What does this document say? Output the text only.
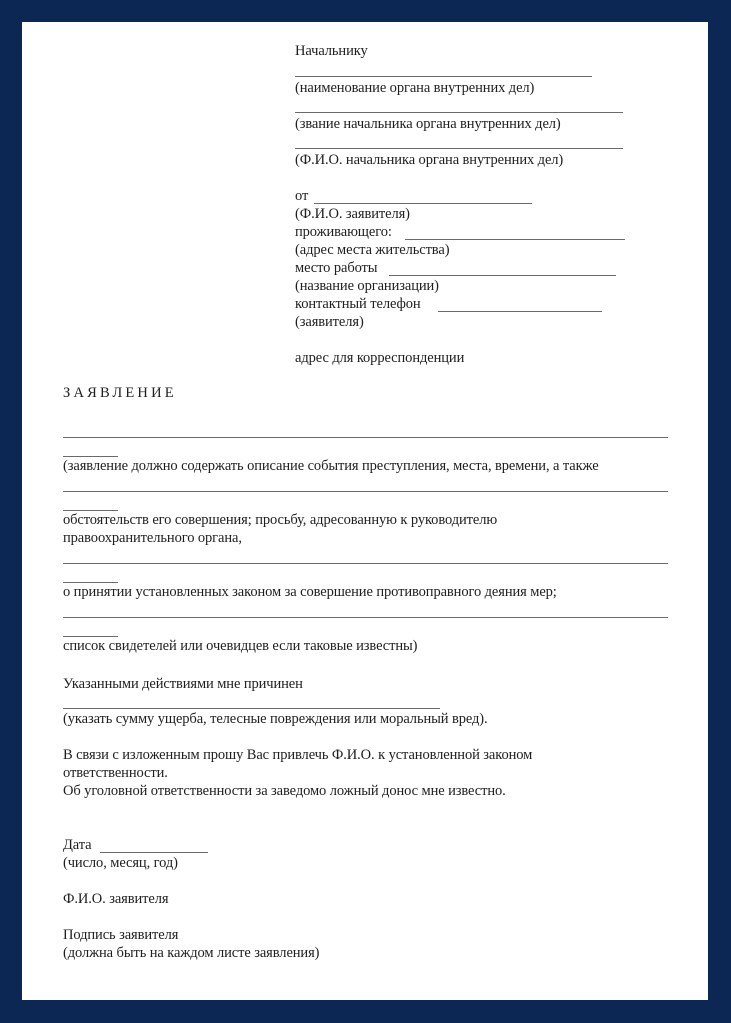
Начальнику
(наименование органа внутренних дел)
(звание начальника органа внутренних дел)
(Ф.И.О. начальника органа внутренних дел)
от
(Ф.И.О. заявителя)
проживающего:
(адрес места жительства)
место работы
(название организации)
контактный телефон
(заявителя)
адрес для корреспонденции
ЗАЯВЛЕНИЕ
(заявление должно содержать описание события преступления, места, времени, а также
обстоятельств его совершения; просьбу, адресованную к руководителю
правоохранительного органа,
о принятии установленных законом за совершение противоправного деяния мер;
список свидетелей или очевидцев если таковые известны)
Указанными действиями мне причинен
(указать сумму ущерба, телесные повреждения или моральный вред).
В связи с изложенным прошу Вас привлечь Ф.И.О. к установленной законом
ответственности.
Об уголовной ответственности за заведомо ложный донос мне известно.
Дата
(число, месяц, год)
Ф.И.О. заявителя
Подпись заявителя
(должна быть на каждом листе заявления)
